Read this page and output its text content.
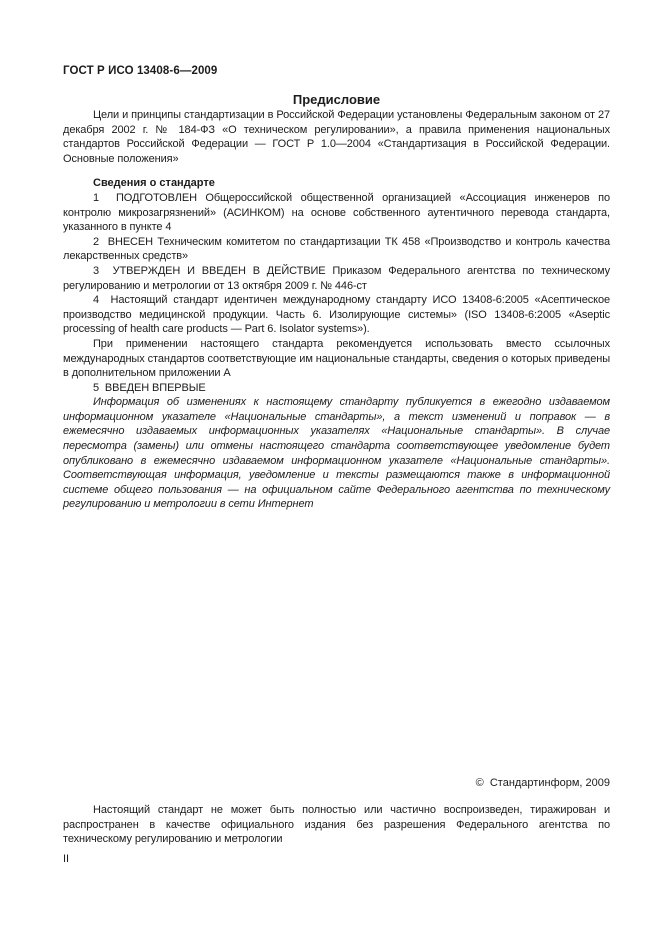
ГОСТ Р ИСО 13408-6—2009
Предисловие

Цели и принципы стандартизации в Российской Федерации установлены Федеральным законом от 27 декабря 2002 г. № 184-ФЗ «О техническом регулировании», а правила применения национальных стандартов Российской Федерации — ГОСТ Р 1.0—2004 «Стандартизация в Российской Федерации. Основные положения»

Сведения о стандарте

1  ПОДГОТОВЛЕН Общероссийской общественной организацией «Ассоциация инженеров по контролю микрозагрязнений» (АСИНКОМ) на основе собственного аутентичного перевода стандарта, указанного в пункте 4

2  ВНЕСЕН Техническим комитетом по стандартизации ТК 458 «Производство и контроль качества лекарственных средств»

3  УТВЕРЖДЕН И ВВЕДЕН В ДЕЙСТВИЕ Приказом Федерального агентства по техническому регулированию и метрологии от 13 октября 2009 г. № 446-ст

4  Настоящий стандарт идентичен международному стандарту ИСО 13408-6:2005 «Асептическое производство медицинской продукции. Часть 6. Изолирующие системы» (ISO 13408-6:2005 «Aseptic processing of health care products — Part 6. Isolator systems»).

При применении настоящего стандарта рекомендуется использовать вместо ссылочных международных стандартов соответствующие им национальные стандарты, сведения о которых приведены в дополнительном приложении А

5  ВВЕДЕН ВПЕРВЫЕ

Информация об изменениях к настоящему стандарту публикуется в ежегодно издаваемом информационном указателе «Национальные стандарты», а текст изменений и поправок — в ежемесячно издаваемых информационных указателях «Национальные стандарты». В случае пересмотра (замены) или отмены настоящего стандарта соответствующее уведомление будет опубликовано в ежемесячно издаваемом информационном указателе «Национальные стандарты». Соответствующая информация, уведомление и тексты размещаются также в информационной системе общего пользования — на официальном сайте Федерального агентства по техническому регулированию и метрологии в сети Интернет

©  Стандартинформ, 2009

Настоящий стандарт не может быть полностью или частично воспроизведен, тиражирован и распространен в качестве официального издания без разрешения Федерального агентства по техническому регулированию и метрологии

II
